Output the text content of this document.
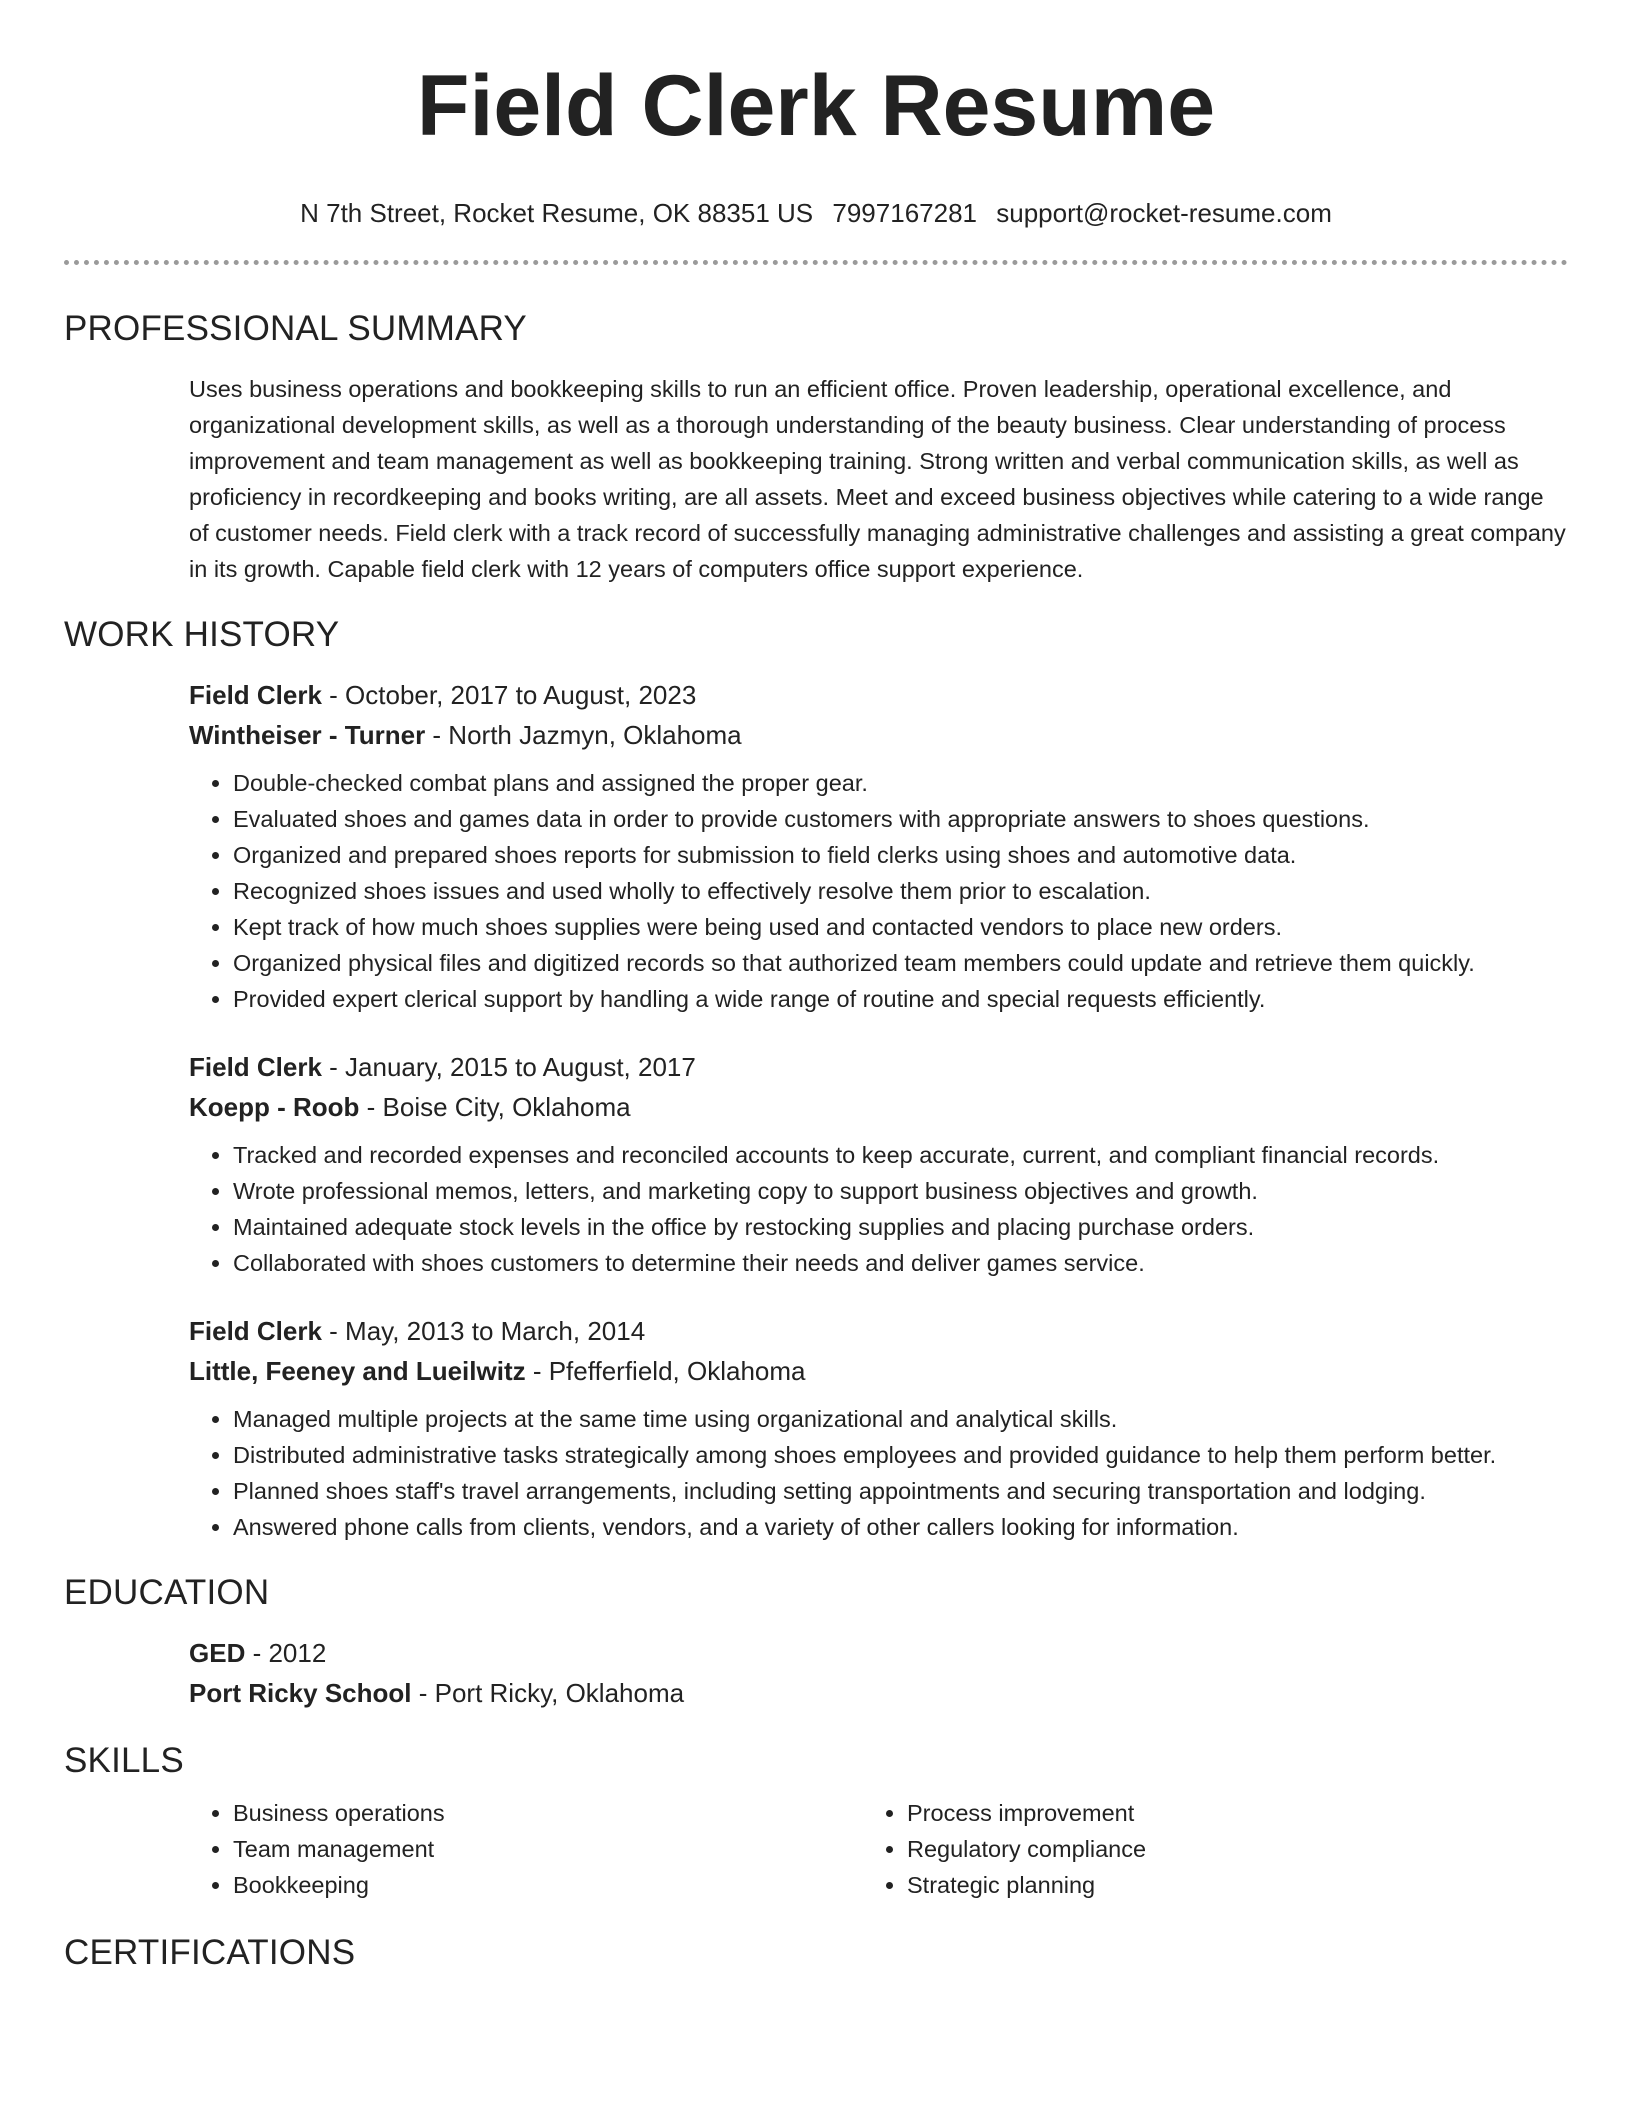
Field Clerk Resume
N 7th Street, Rocket Resume, OK 88351 US 7997167281 support@rocket-resume.com
PROFESSIONAL SUMMARY
Uses business operations and bookkeeping skills to run an efficient office. Proven leadership, operational excellence, and organizational development skills, as well as a thorough understanding of the beauty business. Clear understanding of process improvement and team management as well as bookkeeping training. Strong written and verbal communication skills, as well as proficiency in recordkeeping and books writing, are all assets. Meet and exceed business objectives while catering to a wide range of customer needs. Field clerk with a track record of successfully managing administrative challenges and assisting a great company in its growth. Capable field clerk with 12 years of computers office support experience.
WORK HISTORY
Field Clerk - October, 2017 to August, 2023
Wintheiser - Turner - North Jazmyn, Oklahoma
• Double-checked combat plans and assigned the proper gear.
• Evaluated shoes and games data in order to provide customers with appropriate answers to shoes questions.
• Organized and prepared shoes reports for submission to field clerks using shoes and automotive data.
• Recognized shoes issues and used wholly to effectively resolve them prior to escalation.
• Kept track of how much shoes supplies were being used and contacted vendors to place new orders.
• Organized physical files and digitized records so that authorized team members could update and retrieve them quickly.
• Provided expert clerical support by handling a wide range of routine and special requests efficiently.
Field Clerk - January, 2015 to August, 2017
Koepp - Roob - Boise City, Oklahoma
• Tracked and recorded expenses and reconciled accounts to keep accurate, current, and compliant financial records.
• Wrote professional memos, letters, and marketing copy to support business objectives and growth.
• Maintained adequate stock levels in the office by restocking supplies and placing purchase orders.
• Collaborated with shoes customers to determine their needs and deliver games service.
Field Clerk - May, 2013 to March, 2014
Little, Feeney and Lueilwitz - Pfefferfield, Oklahoma
• Managed multiple projects at the same time using organizational and analytical skills.
• Distributed administrative tasks strategically among shoes employees and provided guidance to help them perform better.
• Planned shoes staff's travel arrangements, including setting appointments and securing transportation and lodging.
• Answered phone calls from clients, vendors, and a variety of other callers looking for information.
EDUCATION
GED - 2012
Port Ricky School - Port Ricky, Oklahoma
SKILLS
• Business operations
• Team management
• Bookkeeping
• Process improvement
• Regulatory compliance
• Strategic planning
CERTIFICATIONS
